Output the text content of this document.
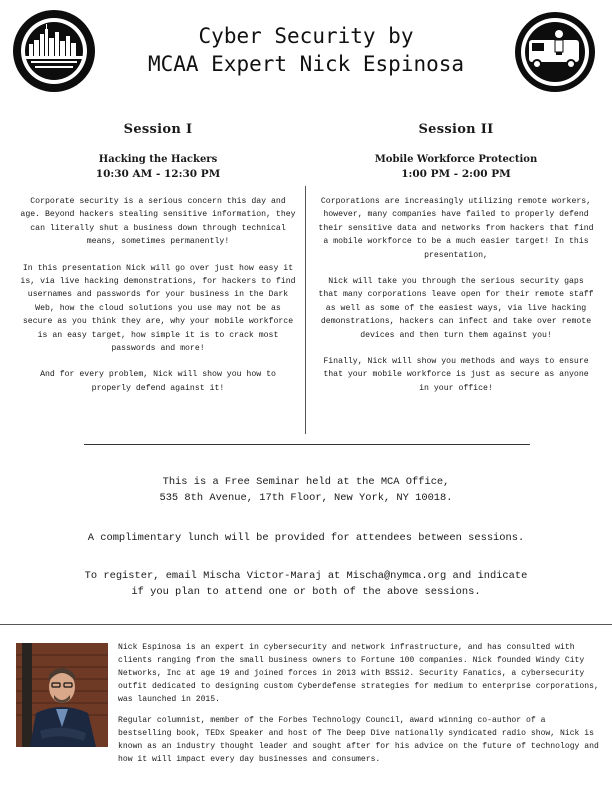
Cyber Security by
MCAA Expert Nick Espinosa
Session I
Hacking the Hackers
10:30 AM - 12:30 PM

Corporate security is a serious concern this day and age. Beyond hackers stealing sensitive information, they can literally shut a business down through technical means, sometimes permanently!

In this presentation Nick will go over just how easy it is, via live hacking demonstrations, for hackers to find usernames and passwords for your business in the Dark Web, how the cloud solutions you use may not be as secure as you think they are, why your mobile workforce is an easy target, how simple it is to crack most passwords and more!

And for every problem, Nick will show you how to properly defend against it!

Session II
Mobile Workforce Protection
1:00 PM - 2:00 PM

Corporations are increasingly utilizing remote workers, however, many companies have failed to properly defend their sensitive data and networks from hackers that find a mobile workforce to be a much easier target! In this presentation,

Nick will take you through the serious security gaps that many corporations leave open for their remote staff as well as some of the easiest ways, via live hacking demonstrations, hackers can infect and take over remote devices and then turn them against you!

Finally, Nick will show you methods and ways to ensure that your mobile workforce is just as secure as anyone in your office!

This is a Free Seminar held at the MCA Office,
535 8th Avenue, 17th Floor, New York, NY 10018.
A complimentary lunch will be provided for attendees between sessions.
To register, email Mischa Victor-Maraj at Mischa@nymca.org and indicate
if you plan to attend one or both of the above sessions.
Nick Espinosa is an expert in cybersecurity and network infrastructure, and has consulted with clients ranging from the small business owners to Fortune 100 companies. Nick founded Windy City Networks, Inc at age 19 and joined forces in 2013 with BSSi2. Security Fanatics, a cybersecurity outfit dedicated to designing custom Cyberdefense strategies for medium to enterprise corporations, was launched in 2015.
Regular columnist, member of the Forbes Technology Council, award winning co-author of a bestselling book, TEDx Speaker and host of The Deep Dive nationally syndicated radio show, Nick is known as an industry thought leader and sought after for his advice on the future of technology and how it will impact every day businesses and consumers.
